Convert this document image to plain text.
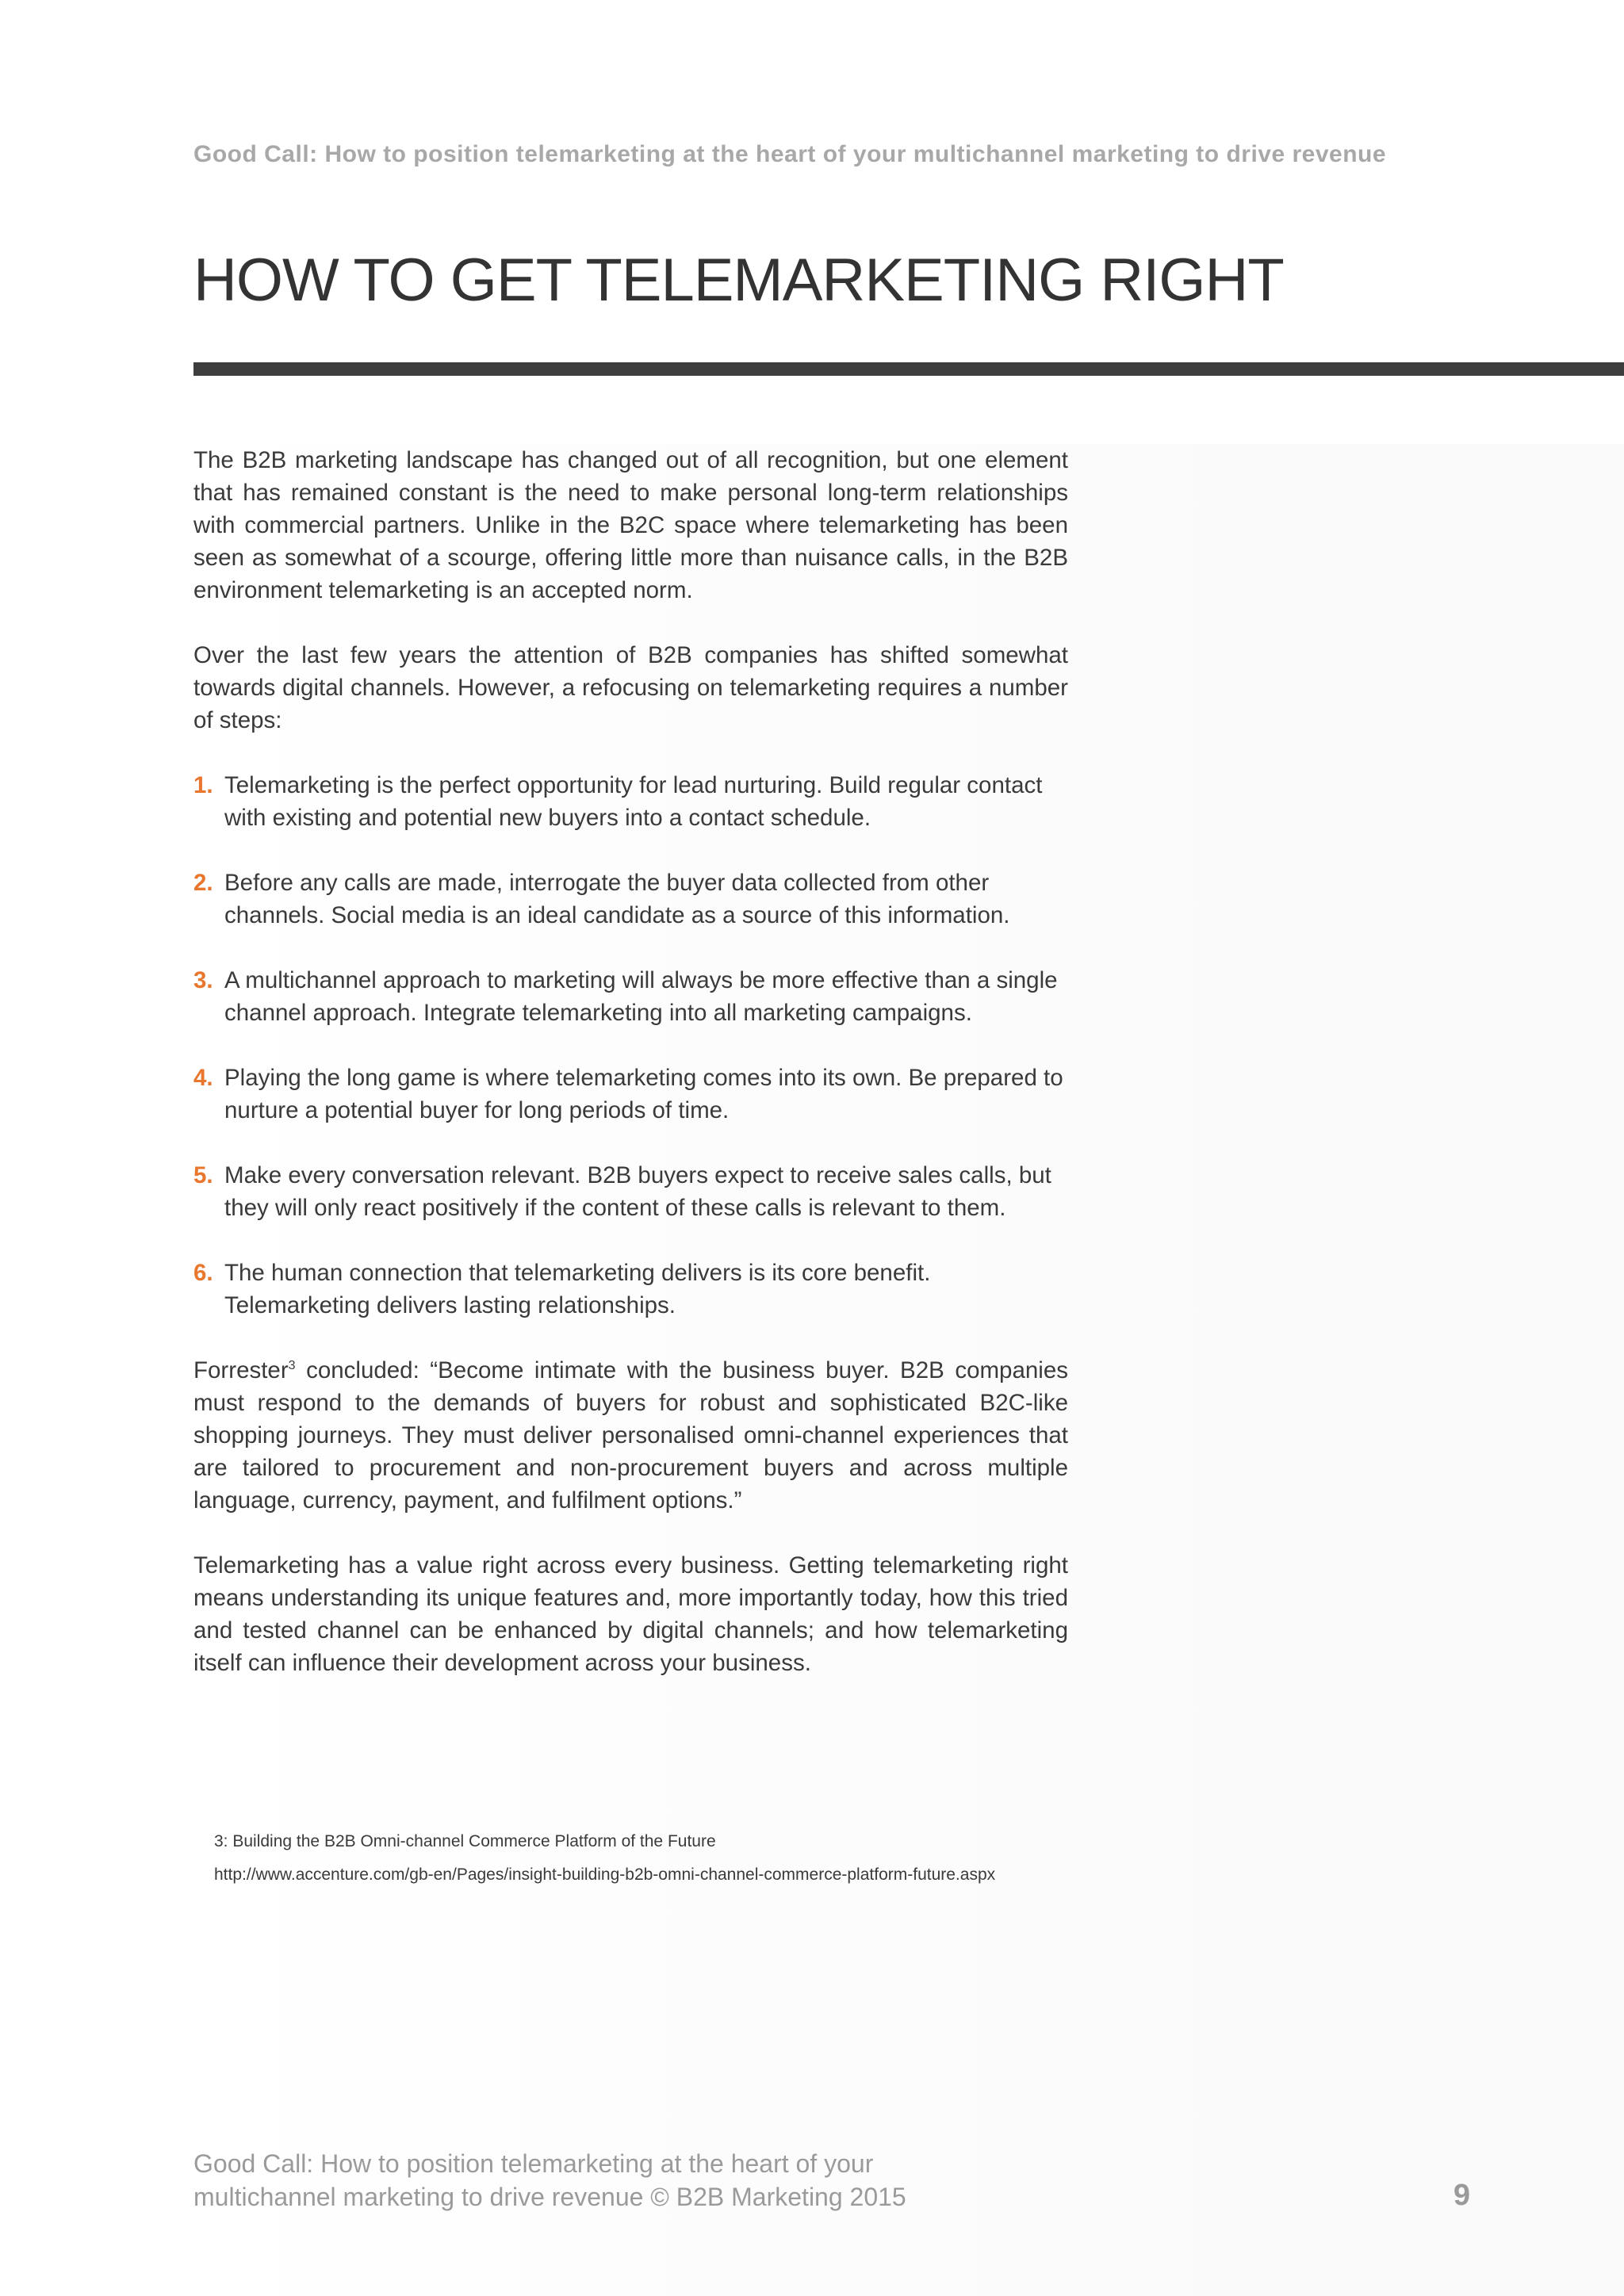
Good Call: How to position telemarketing at the heart of your multichannel marketing to drive revenue
HOW TO GET TELEMARKETING RIGHT

The B2B marketing landscape has changed out of all recognition, but one element that has remained constant is the need to make personal long-term relationships with commercial partners. Unlike in the B2C space where telemarketing has been seen as somewhat of a scourge, offering little more than nuisance calls, in the B2B environment telemarketing is an accepted norm.

Over the last few years the attention of B2B companies has shifted somewhat towards digital channels. However, a refocusing on telemarketing requires a number of steps:

1. Telemarketing is the perfect opportunity for lead nurturing. Build regular contact with existing and potential new buyers into a contact schedule.
2. Before any calls are made, interrogate the buyer data collected from other channels. Social media is an ideal candidate as a source of this information.
3. A multichannel approach to marketing will always be more effective than a single channel approach. Integrate telemarketing into all marketing campaigns.
4. Playing the long game is where telemarketing comes into its own. Be prepared to nurture a potential buyer for long periods of time.
5. Make every conversation relevant. B2B buyers expect to receive sales calls, but they will only react positively if the content of these calls is relevant to them.
6. The human connection that telemarketing delivers is its core benefit. Telemarketing delivers lasting relationships.

Forrester$^3$ concluded: “Become intimate with the business buyer. B2B companies must respond to the demands of buyers for robust and sophisticated B2C-like shopping journeys. They must deliver personalised omni-channel experiences that are tailored to procurement and non-procurement buyers and across multiple language, currency, payment, and fulfilment options.”

Telemarketing has a value right across every business. Getting telemarketing right means understanding its unique features and, more importantly today, how this tried and tested channel can be enhanced by digital channels; and how telemarketing itself can influence their development across your business.

3: Building the B2B Omni-channel Commerce Platform of the Future
http://www.accenture.com/gb-en/Pages/insight-building-b2b-omni-channel-commerce-platform-future.aspx
Good Call: How to position telemarketing at the heart of your
multichannel marketing to drive revenue © B2B Marketing 2015	9
